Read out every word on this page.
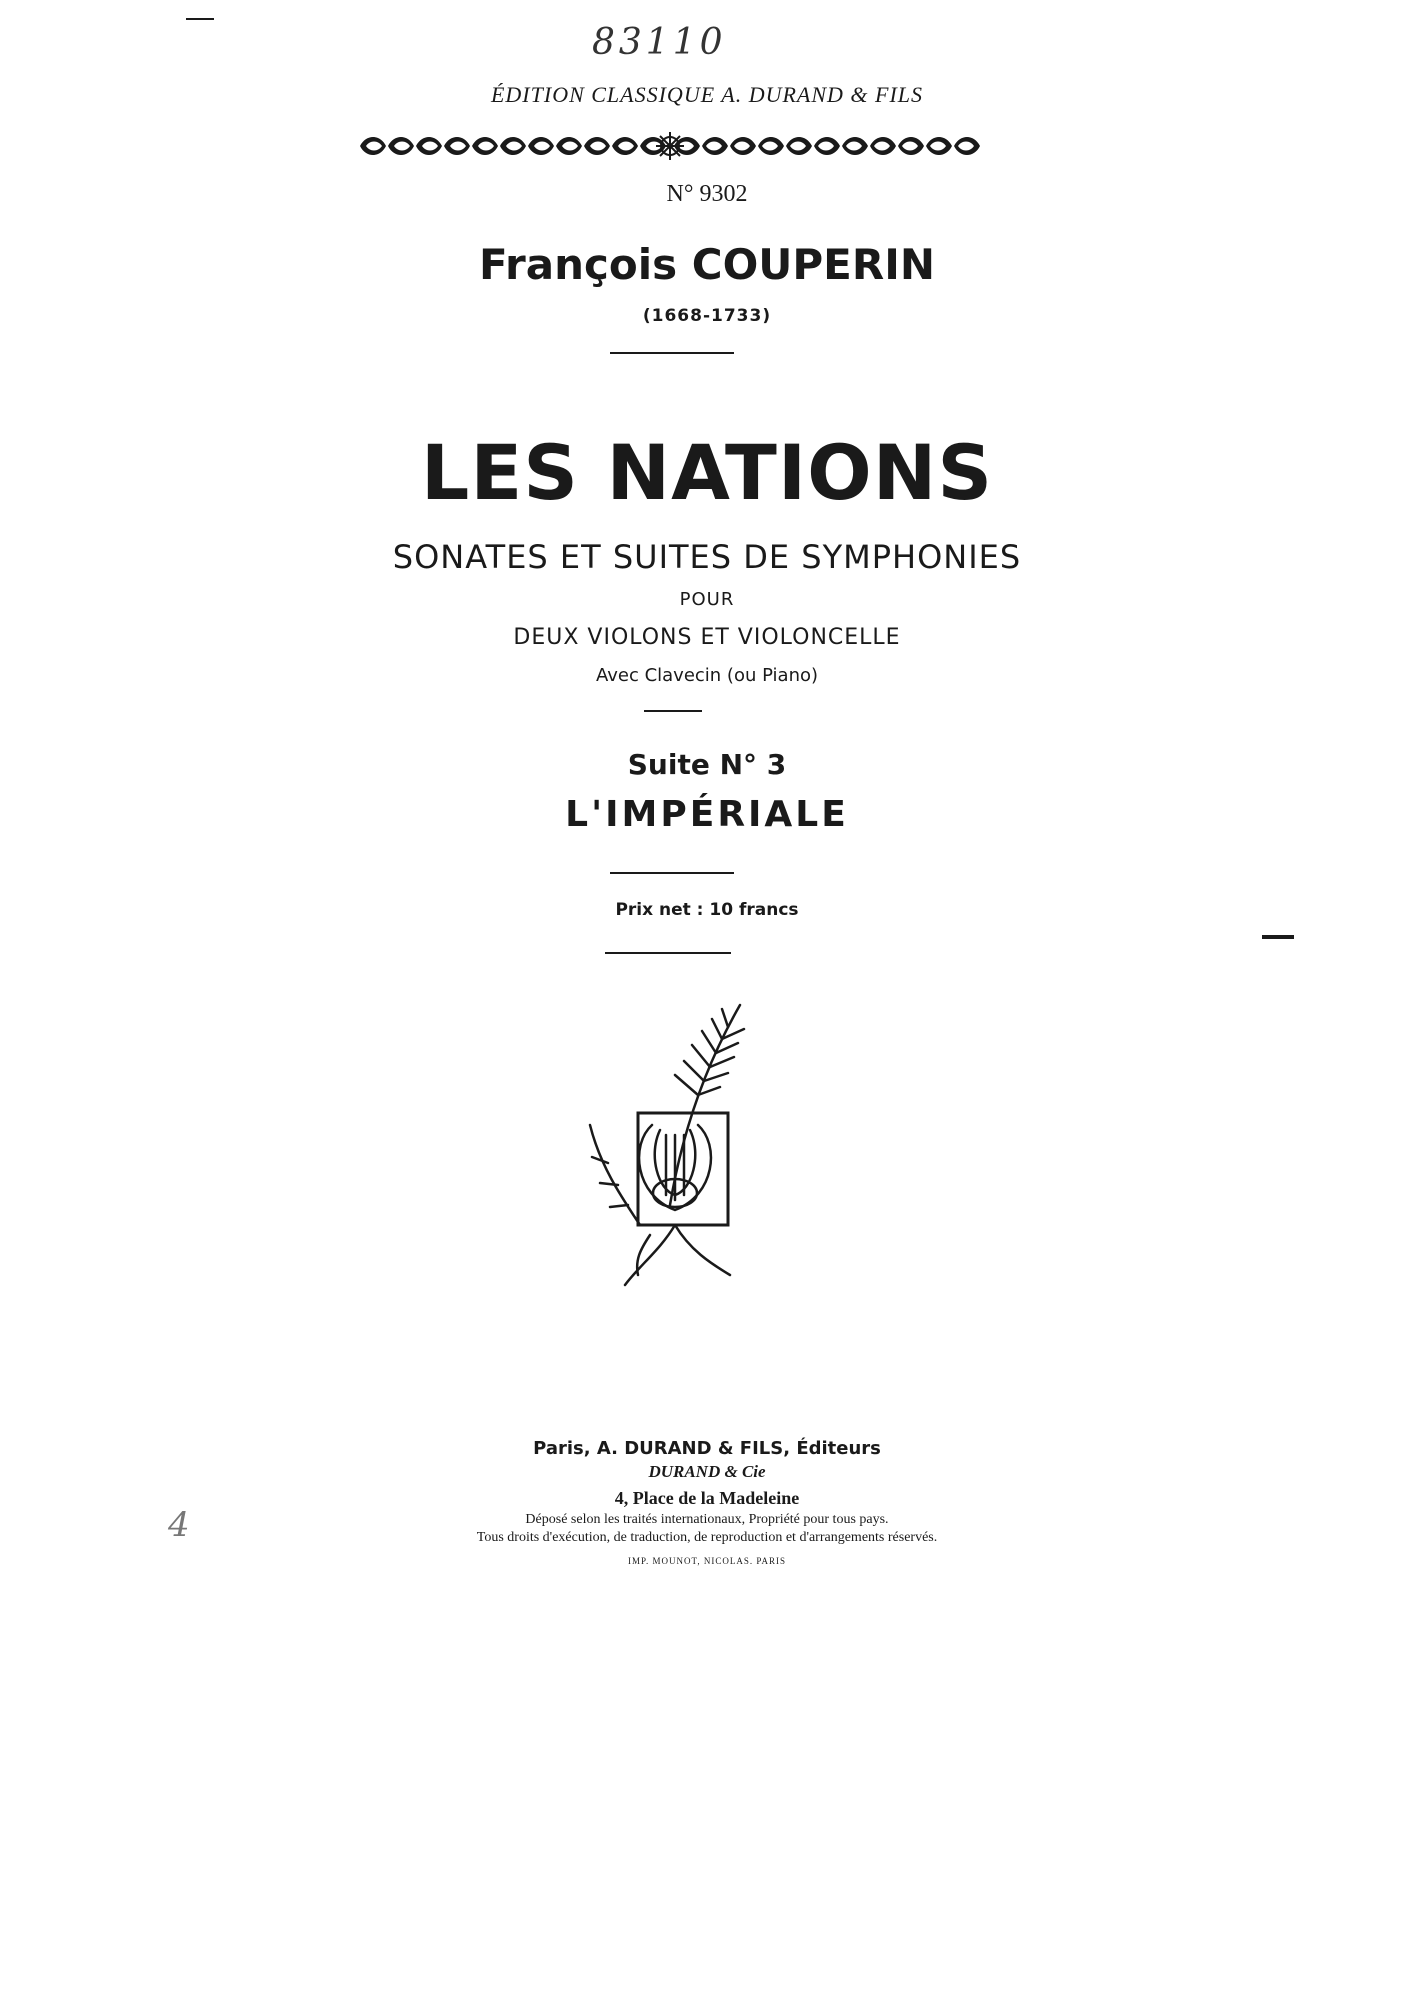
83110
ÉDITION CLASSIQUE A. DURAND & FILS
N° 9302
François COUPERIN
(1668-1733)
LES NATIONS
SONATES ET SUITES DE SYMPHONIES
POUR
DEUX VIOLONS ET VIOLONCELLE
Avec Clavecin (ou Piano)
Suite N° 3
L'IMPÉRIALE
Prix net : 10 francs
Paris, A. DURAND & FILS, Éditeurs
DURAND & Cie
4, Place de la Madeleine
Déposé selon les traités internationaux, Propriété pour tous pays.
Tous droits d'exécution, de traduction, de reproduction et d'arrangements réservés.
IMP. MOUNOT, NICOLAS. PARIS
4
